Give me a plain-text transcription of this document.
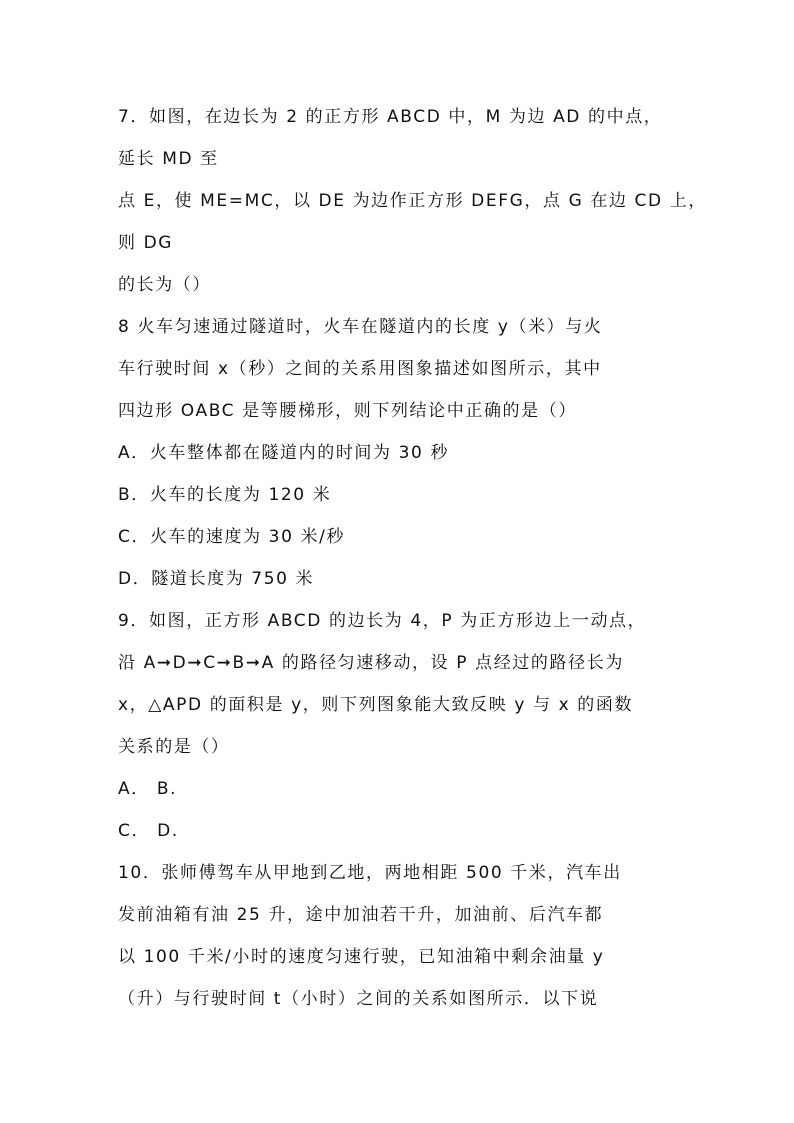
7．如图，在边长为 2 的正方形 ABCD 中，M 为边 AD 的中点，
延长 MD 至
点 E，使 ME=MC，以 DE 为边作正方形 DEFG，点 G 在边 CD 上，
则 DG
的长为（）
8 火车匀速通过隧道时，火车在隧道内的长度 y（米）与火
车行驶时间 x（秒）之间的关系用图象描述如图所示，其中
四边形 OABC 是等腰梯形，则下列结论中正确的是（）
A．火车整体都在隧道内的时间为 30 秒
B．火车的长度为 120 米
C．火车的速度为 30 米/秒
D．隧道长度为 750 米
9．如图，正方形 ABCD 的边长为 4，P 为正方形边上一动点，
沿 A➞D➞C➞B➞A 的路径匀速移动，设 P 点经过的路径长为
x，△APD 的面积是 y，则下列图象能大致反映 y 与 x 的函数
关系的是（）
A． B.
C． D.
10．张师傅驾车从甲地到乙地，两地相距 500 千米，汽车出
发前油箱有油 25 升，途中加油若干升，加油前、后汽车都
以 100 千米/小时的速度匀速行驶，已知油箱中剩余油量 y
（升）与行驶时间 t（小时）之间的关系如图所示．以下说
